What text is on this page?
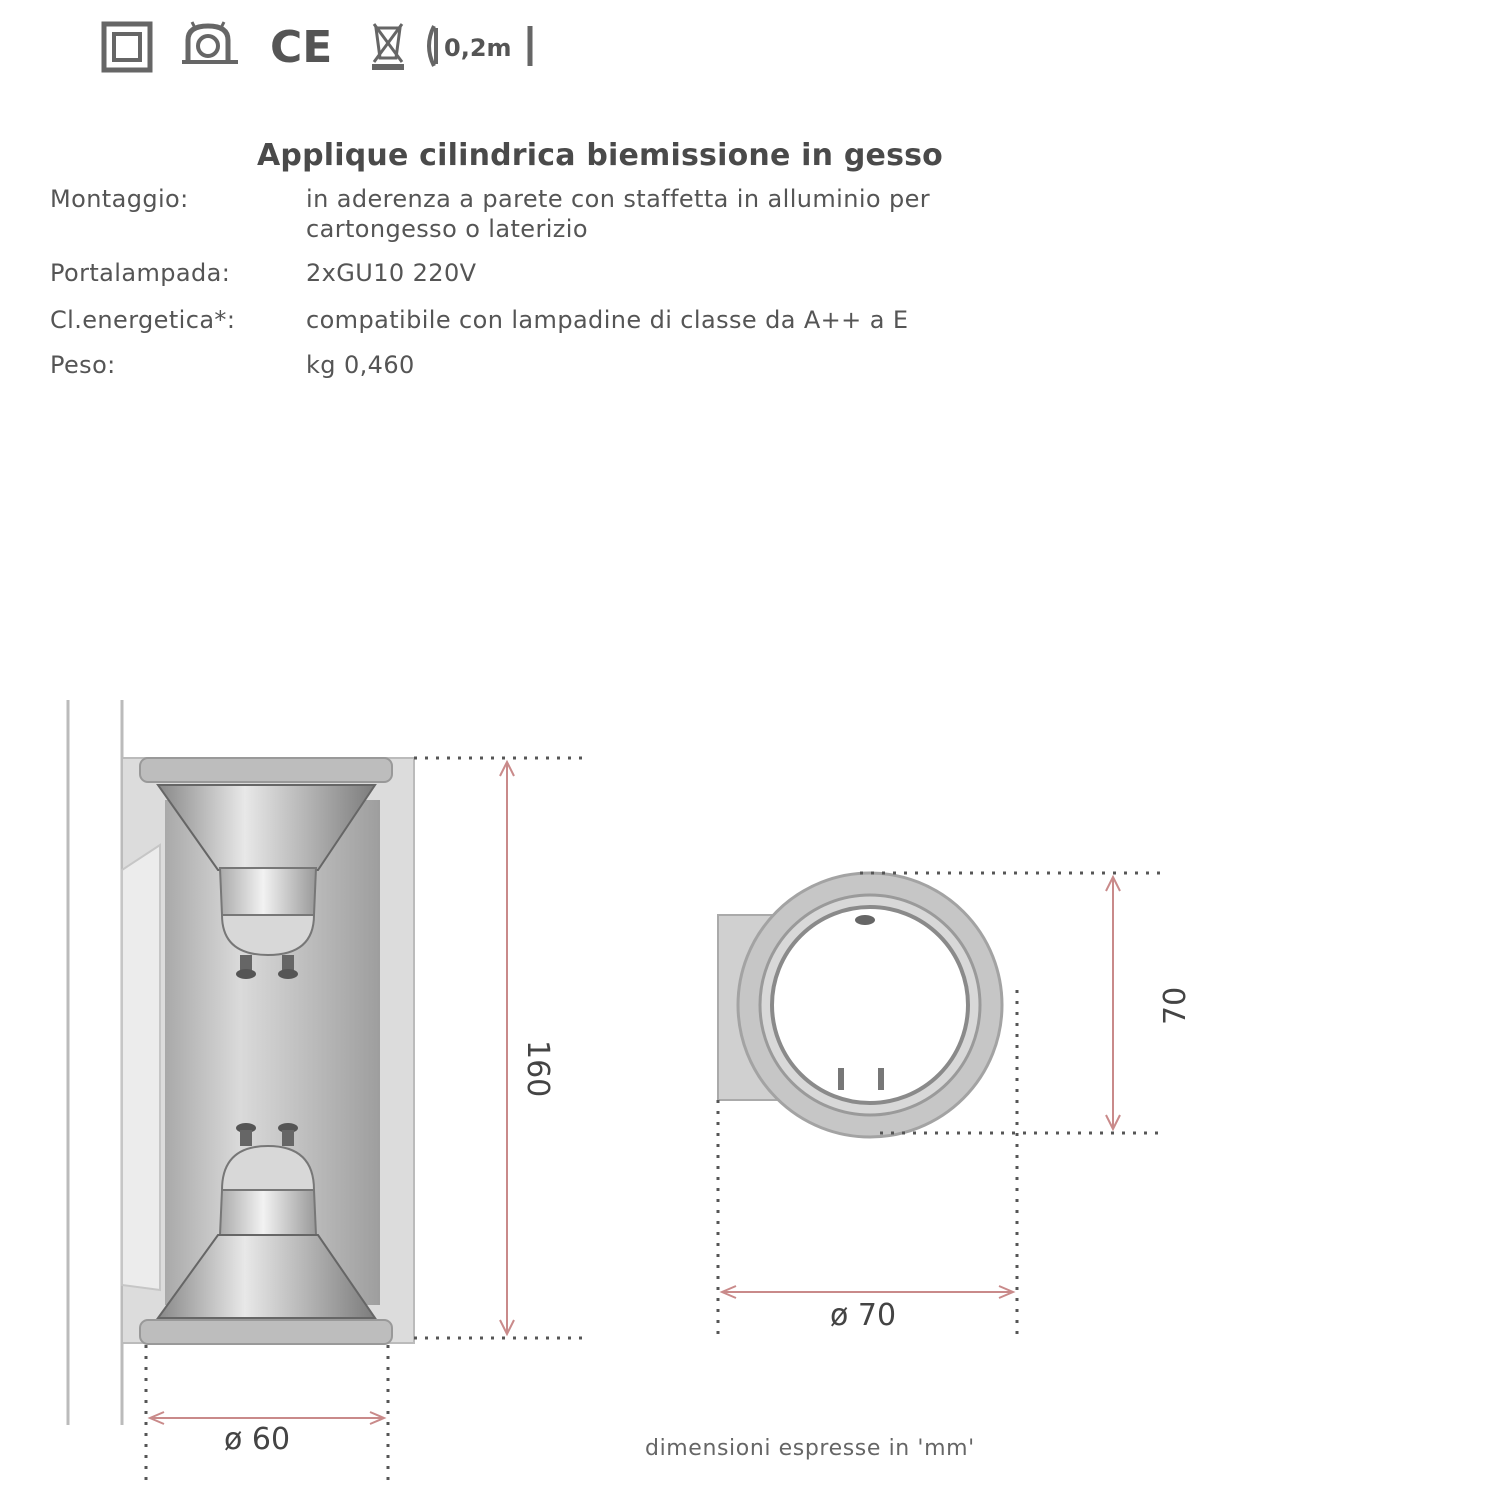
CE	0,2m
Applique cilindrica biemissione in gesso
Montaggio:	in aderenza a parete con staffetta in alluminio per
cartongesso o laterizio
Portalampada:	2xGU10 220V
Cl.energetica*:	compatibile con lampadine di classe da A++ a E
Peso:	kg 0,460
160
ø 60
ø 70
70
dimensioni espresse in 'mm'
